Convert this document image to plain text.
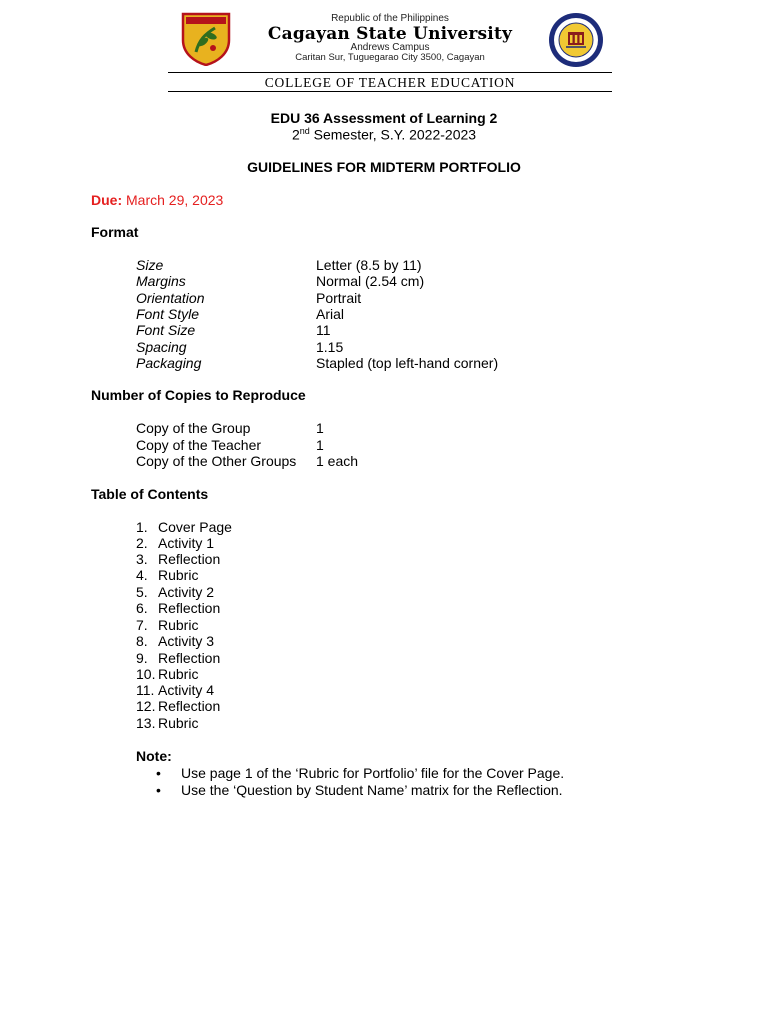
Republic of the Philippines
Cagayan State University
Andrews Campus
Caritan Sur, Tuguegarao City 3500, Cagayan
COLLEGE OF TEACHER EDUCATION
EDU 36 Assessment of Learning 2
2nd Semester, S.Y. 2022-2023
GUIDELINES FOR MIDTERM PORTFOLIO
Due: March 29, 2023
Format
Size	Letter (8.5 by 11)
Margins	Normal (2.54 cm)
Orientation	Portrait
Font Style	Arial
Font Size	11
Spacing	1.15
Packaging	Stapled (top left-hand corner)
Number of Copies to Reproduce
Copy of the Group	1
Copy of the Teacher	1
Copy of the Other Groups 1 each
Table of Contents
1. Cover Page
2. Activity 1
3. Reflection
4. Rubric
5. Activity 2
6. Reflection
7. Rubric
8. Activity 3
9. Reflection
10. Rubric
11. Activity 4
12. Reflection
13. Rubric
Note:
• Use page 1 of the ‘Rubric for Portfolio’ file for the Cover Page.
• Use the ‘Question by Student Name’ matrix for the Reflection.
